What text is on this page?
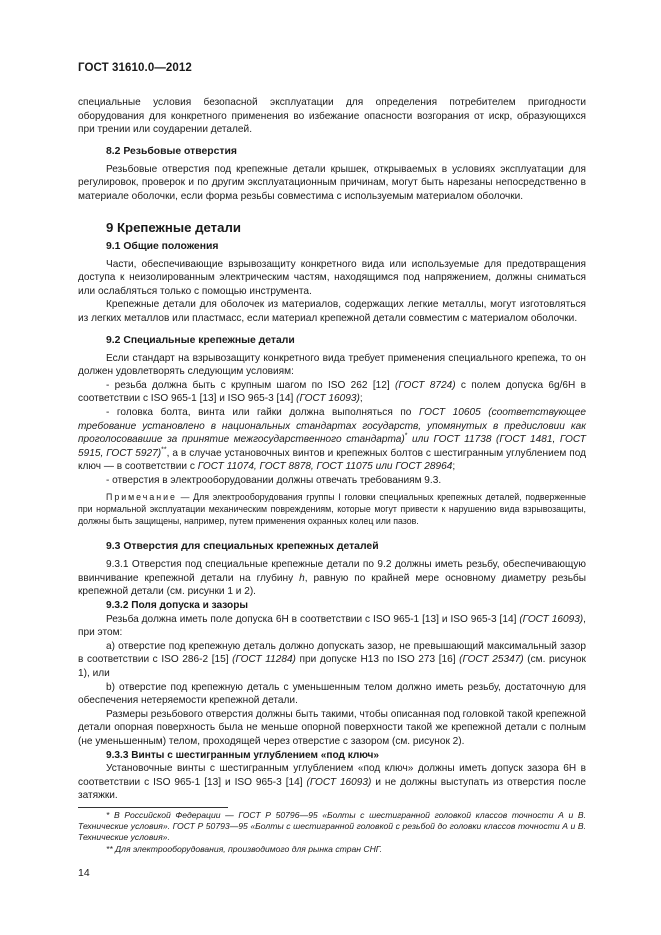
ГОСТ 31610.0—2012

специальные условия безопасной эксплуатации для определения потребителем пригодности оборудования для конкретного применения во избежание опасности возгорания от искр, образующихся при трении или соударении деталей.

8.2 Резьбовые отверстия

Резьбовые отверстия под крепежные детали крышек, открываемых в условиях эксплуатации для регулировок, проверок и по другим эксплуатационным причинам, могут быть нарезаны непосредственно в материале оболочки, если форма резьбы совместима с используемым материалом оболочки.

9 Крепежные детали
9.1 Общие положения

Части, обеспечивающие взрывозащиту конкретного вида или используемые для предотвращения доступа к неизолированным электрическим частям, находящимся под напряжением, должны сниматься или ослабляться только с помощью инструмента.

Крепежные детали для оболочек из материалов, содержащих легкие металлы, могут изготовляться из легких металлов или пластмасс, если материал крепежной детали совместим с материалом оболочки.

9.2 Специальные крепежные детали

Если стандарт на взрывозащиту конкретного вида требует применения специального крепежа, то он должен удовлетворять следующим условиям:

- резьба должна быть с крупным шагом по ISO 262 [12] (ГОСТ 8724) с полем допуска 6g/6H в соответствии с ISO 965-1 [13] и ISO 965-3 [14] (ГОСТ 16093);

- головка болта, винта или гайки должна выполняться по ГОСТ 10605 (соответствующее требование установлено в национальных стандартах государств, упомянутых в предисловии как проголосовавшие за принятие межгосударственного стандарта)* или ГОСТ 11738 (ГОСТ 1481, ГОСТ 5915, ГОСТ 5927)**, а в случае установочных винтов и крепежных болтов с шестигранным углублением под ключ — в соответствии с ГОСТ 11074, ГОСТ 8878, ГОСТ 11075 или ГОСТ 28964;

- отверстия в электрооборудовании должны отвечать требованиям 9.3.

Примечание — Для электрооборудования группы I головки специальных крепежных деталей, подверженные при нормальной эксплуатации механическим повреждениям, которые могут привести к нарушению вида взрывозащиты, должны быть защищены, например, путем применения охранных колец или пазов.

9.3 Отверстия для специальных крепежных деталей

9.3.1 Отверстия под специальные крепежные детали по 9.2 должны иметь резьбу, обеспечивающую ввинчивание крепежной детали на глубину h, равную по крайней мере основному диаметру резьбы крепежной детали (см. рисунки 1 и 2).

9.3.2 Поля допуска и зазоры

Резьба должна иметь поле допуска 6H в соответствии с ISO 965-1 [13] и ISO 965-3 [14] (ГОСТ 16093), при этом:

a) отверстие под крепежную деталь должно допускать зазор, не превышающий максимальный зазор в соответствии с ISO 286-2 [15] (ГОСТ 11284) при допуске H13 по ISO 273 [16] (ГОСТ 25347) (см. рисунок 1), или

b) отверстие под крепежную деталь с уменьшенным телом должно иметь резьбу, достаточную для обеспечения нетеряемости крепежной детали.

Размеры резьбового отверстия должны быть такими, чтобы описанная под головкой такой крепежной детали опорная поверхность была не меньше опорной поверхности такой же крепежной детали с полным (не уменьшенным) телом, проходящей через отверстие с зазором (см. рисунок 2).

9.3.3 Винты с шестигранным углублением «под ключ»

Установочные винты с шестигранным углублением «под ключ» должны иметь допуск зазора 6H в соответствии с ISO 965-1 [13] и ISO 965-3 [14] (ГОСТ 16093) и не должны выступать из отверстия после затяжки.

* В Российской Федерации — ГОСТ Р 50796—95 «Болты с шестигранной головкой классов точности А и В. Технические условия». ГОСТ Р 50793—95 «Болты с шестигранной головкой с резьбой до головки классов точности А и В. Технические условия».

** Для электрооборудования, производимого для рынка стран СНГ.

14
